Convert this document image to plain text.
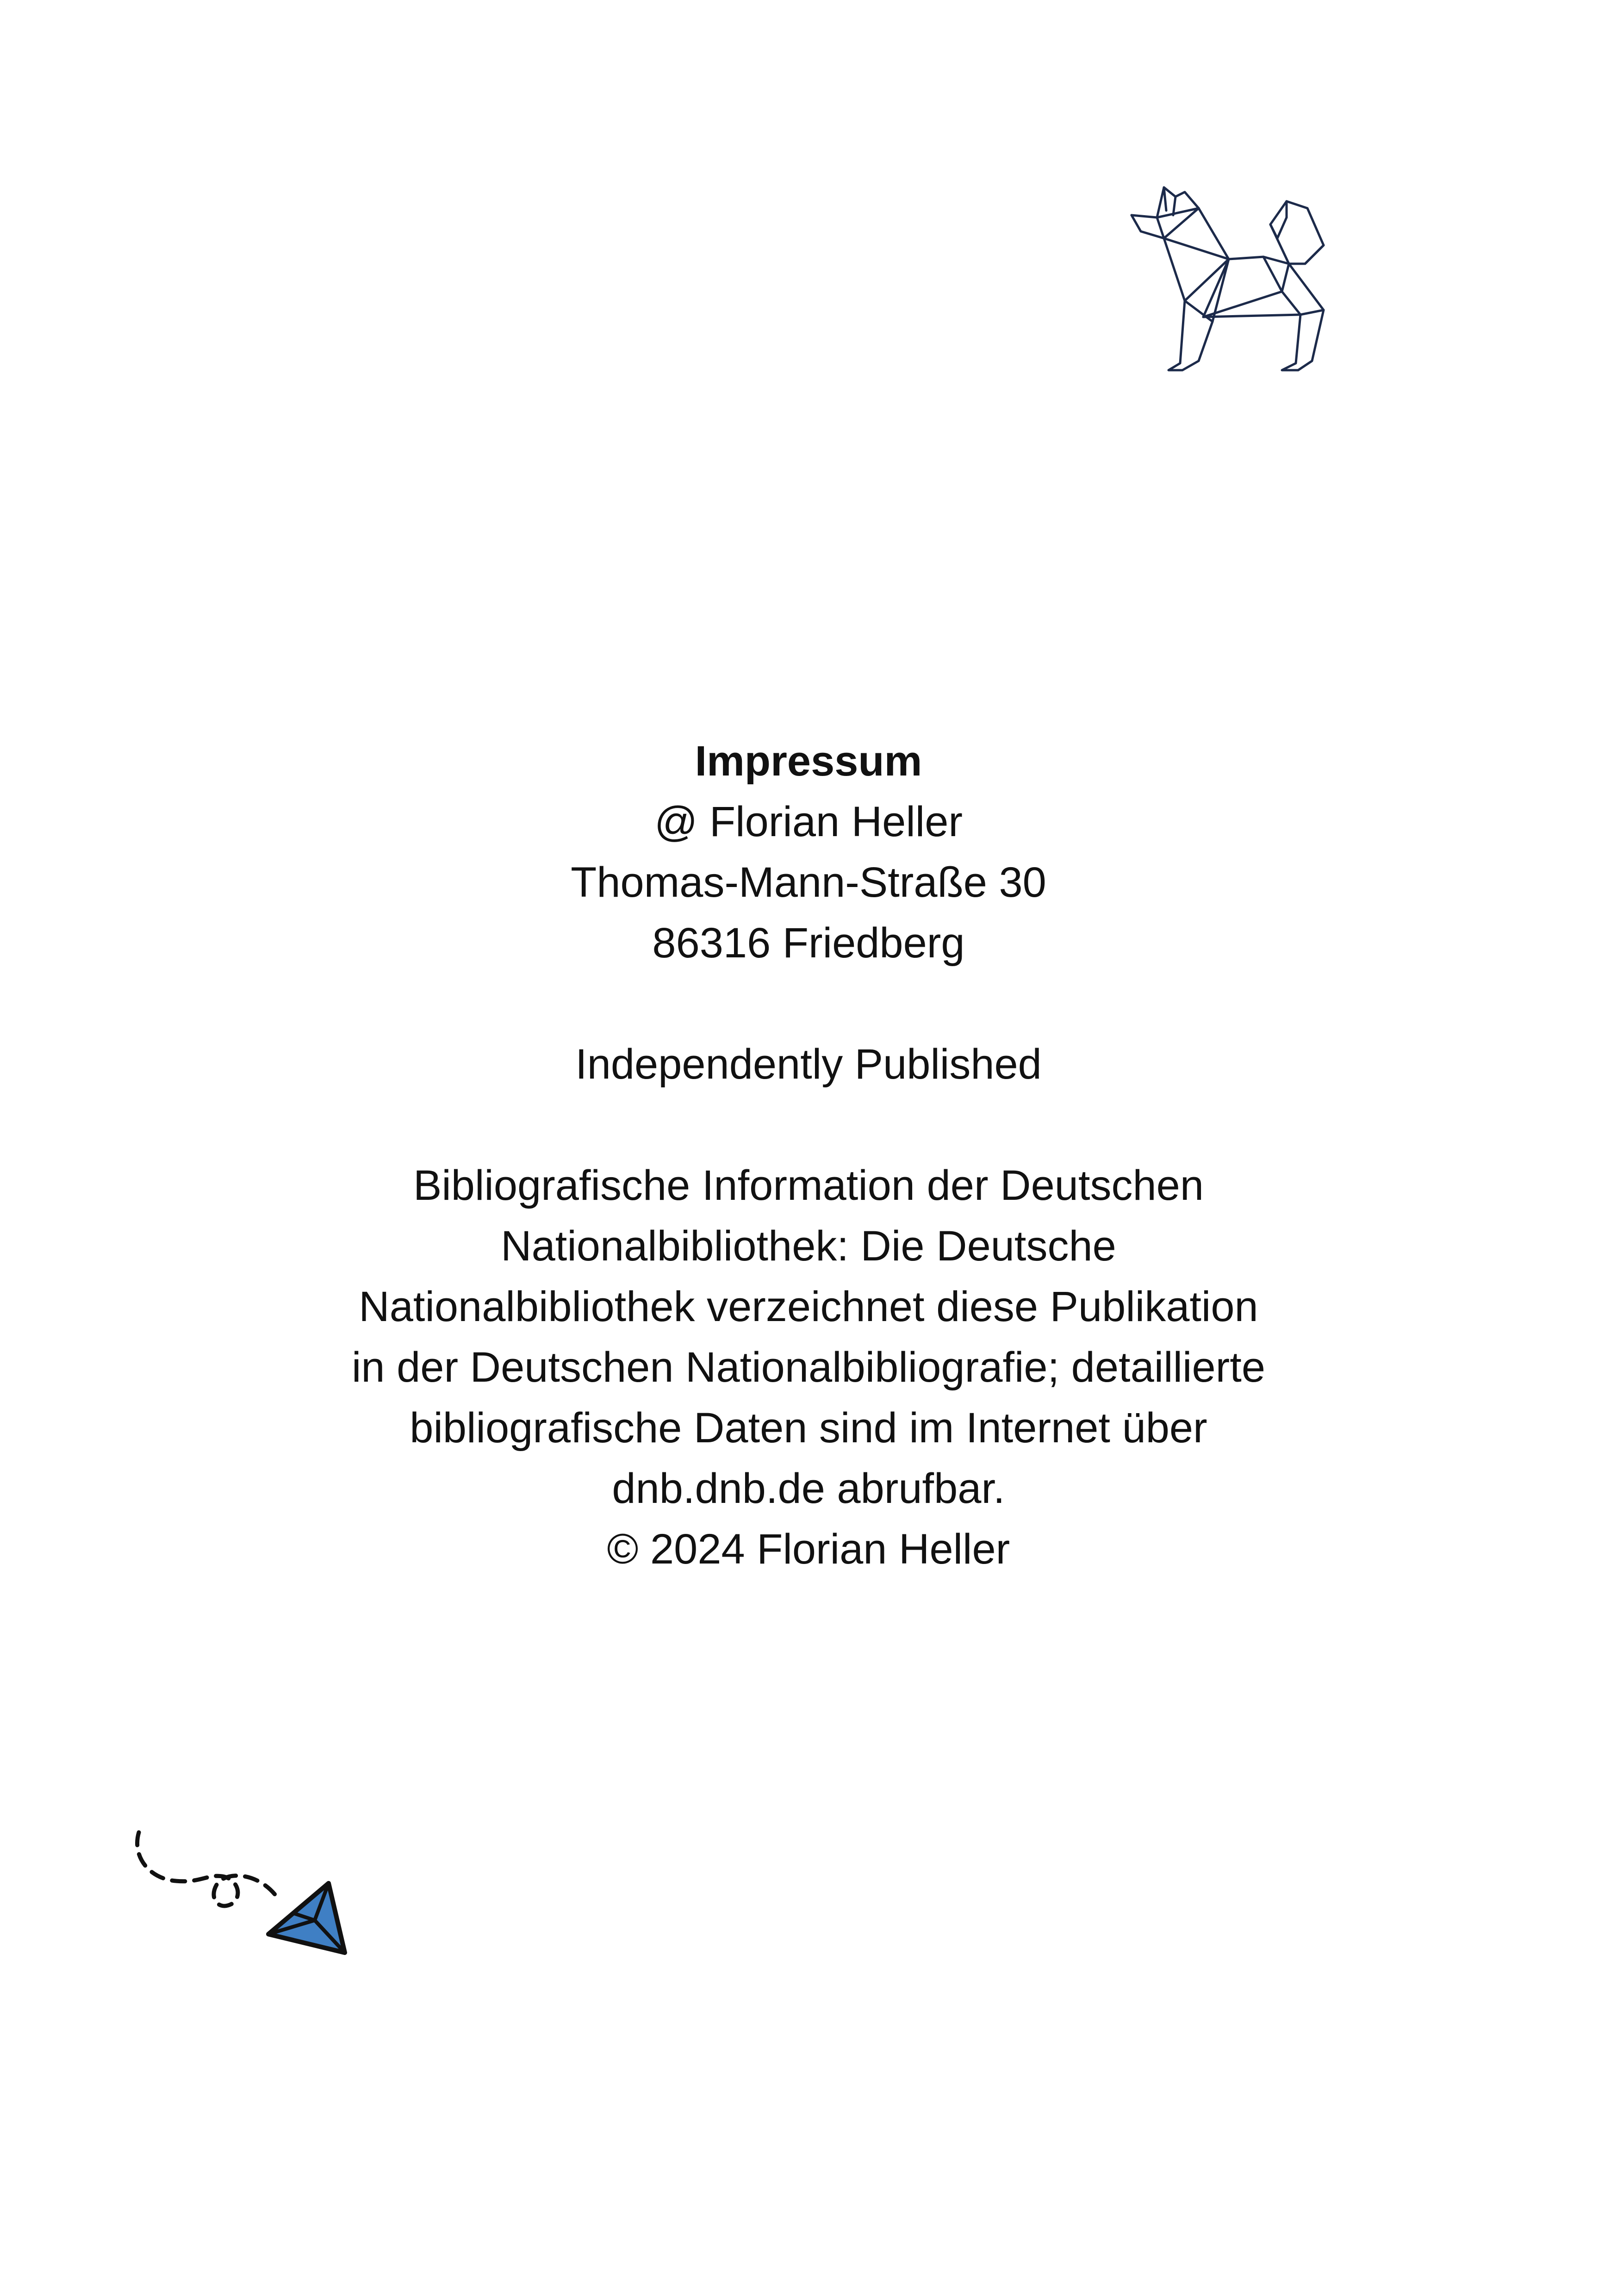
Impressum
@ Florian Heller
Thomas-Mann-Straße 30
86316 Friedberg
Independently Published
Bibliografische Information der Deutschen
Nationalbibliothek: Die Deutsche
Nationalbibliothek verzeichnet diese Publikation
in der Deutschen Nationalbibliografie; detaillierte
bibliografische Daten sind im Internet über
dnb.dnb.de abrufbar.
© 2024 Florian Heller
